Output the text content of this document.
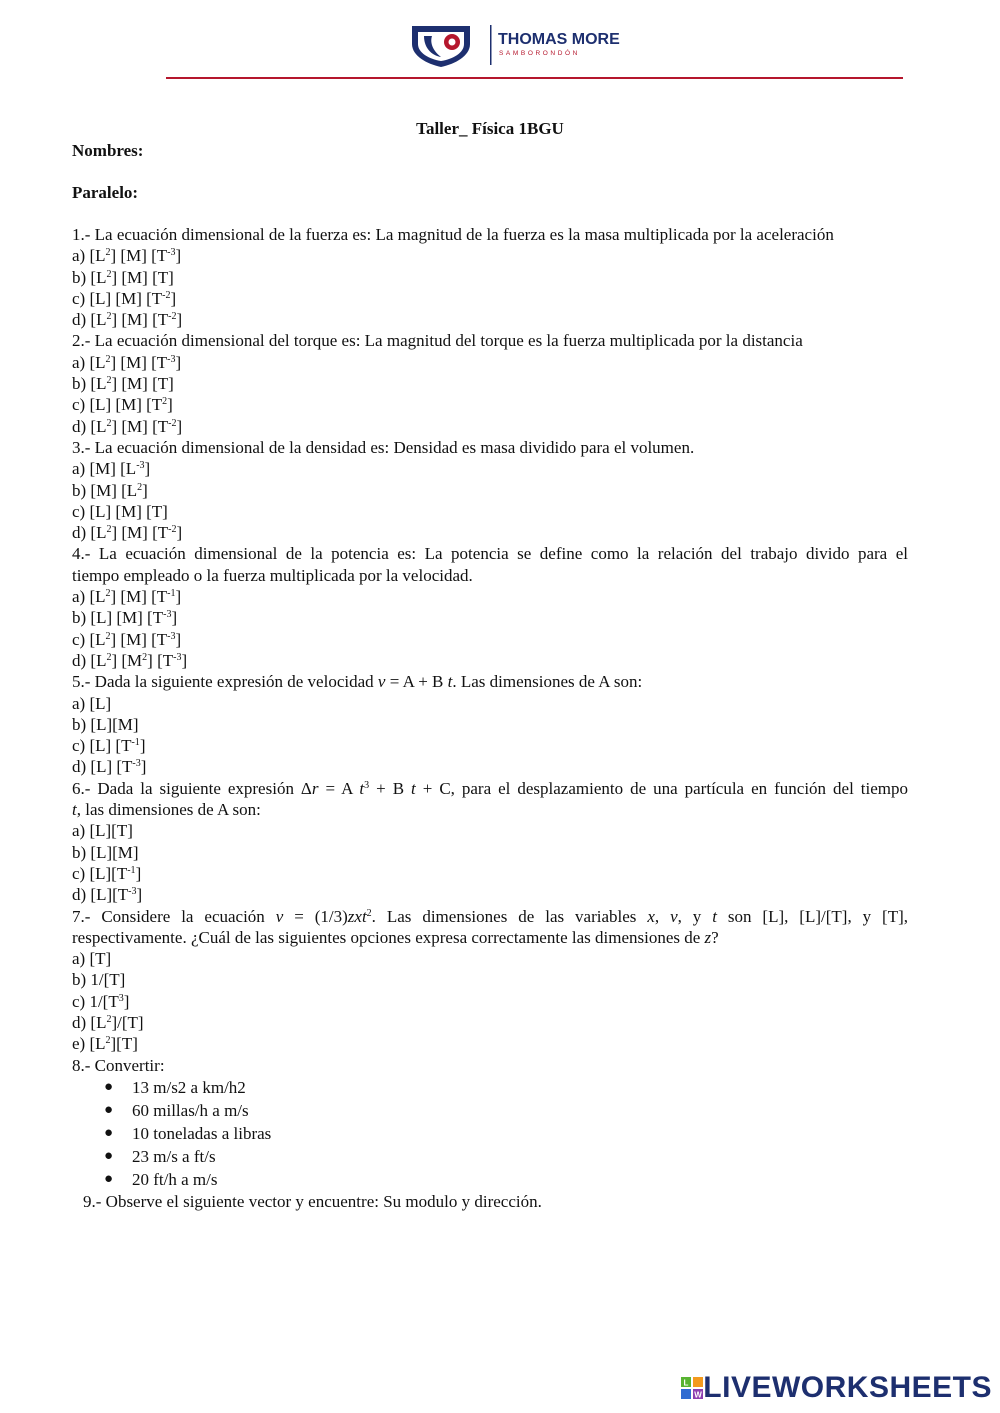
THOMAS MORE
SAMBORONDÓN
Taller_ Física 1BGU
Nombres:
Paralelo:
1.- La ecuación dimensional de la fuerza es: La magnitud de la fuerza es la masa multiplicada por la aceleración
a) $[L^2]$ [M] $[T^{-3}]$
b) $[L^2]$ [M] [T]
c) [L] [M] $[T^{-2}]$
d) $[L^2]$ [M] $[T^{-2}]$
2.- La ecuación dimensional del torque es: La magnitud del torque es la fuerza multiplicada por la distancia
a) $[L^2]$ [M] $[T^{-3}]$
b) $[L^2]$ [M] [T]
c) [L] [M] $[T^2]$
d) $[L^2]$ [M] $[T^{-2}]$
3.- La ecuación dimensional de la densidad es: Densidad es masa dividido para el volumen.
a) [M] $[L^{-3}]$
b) [M] $[L^2]$
c) [L] [M] [T]
d) $[L^2]$ [M] $[T^{-2}]$
4.- La ecuación dimensional de la potencia es: La potencia se define como la relación del trabajo divido para el
tiempo empleado o la fuerza multiplicada por la velocidad.
a) $[L^2]$ [M] $[T^{-1}]$
b) [L] [M] $[T^{-3}]$
c) $[L^2]$ [M] $[T^{-3}]$
d) $[L^2]$ $[M^2]$ $[T^{-3}]$
5.- Dada la siguiente expresión de velocidad v = A + B t. Las dimensiones de A son:
a) [L]
b) [L][M]
c) [L] $[T^{-1}]$
d) [L] $[T^{-3}]$
6.- Dada la siguiente expresión Δr = A $t^3 + B$ t + C, para el desplazamiento de una partícula en función del tiempo
t, las dimensiones de A son:
a) [L][T]
b) [L][M]
c) $[L][T^{-1}]$
d) $[L][T^{-3}]$
7.- Considere la ecuación v = (1/3)zxt$^2$. Las dimensiones de las variables x, v, y t son [L], [L]/[T], y [T],
respectivamente. ¿Cuál de las siguientes opciones expresa correctamente las dimensiones de z?
a) [T]
b) 1/[T]
c) $1/[T^3]$
d) $[L^2]/[T]$
e) $[L^2][T]$
8.- Convertir:
● 13 m/s2 a km/h2
● 60 millas/h a m/s
● 10 toneladas a libras
● 23 m/s a ft/s
● 20 ft/h a m/s
9.- Observe el siguiente vector y encuentre: Su modulo y dirección.
L
W LIVEWORKSHEETS
